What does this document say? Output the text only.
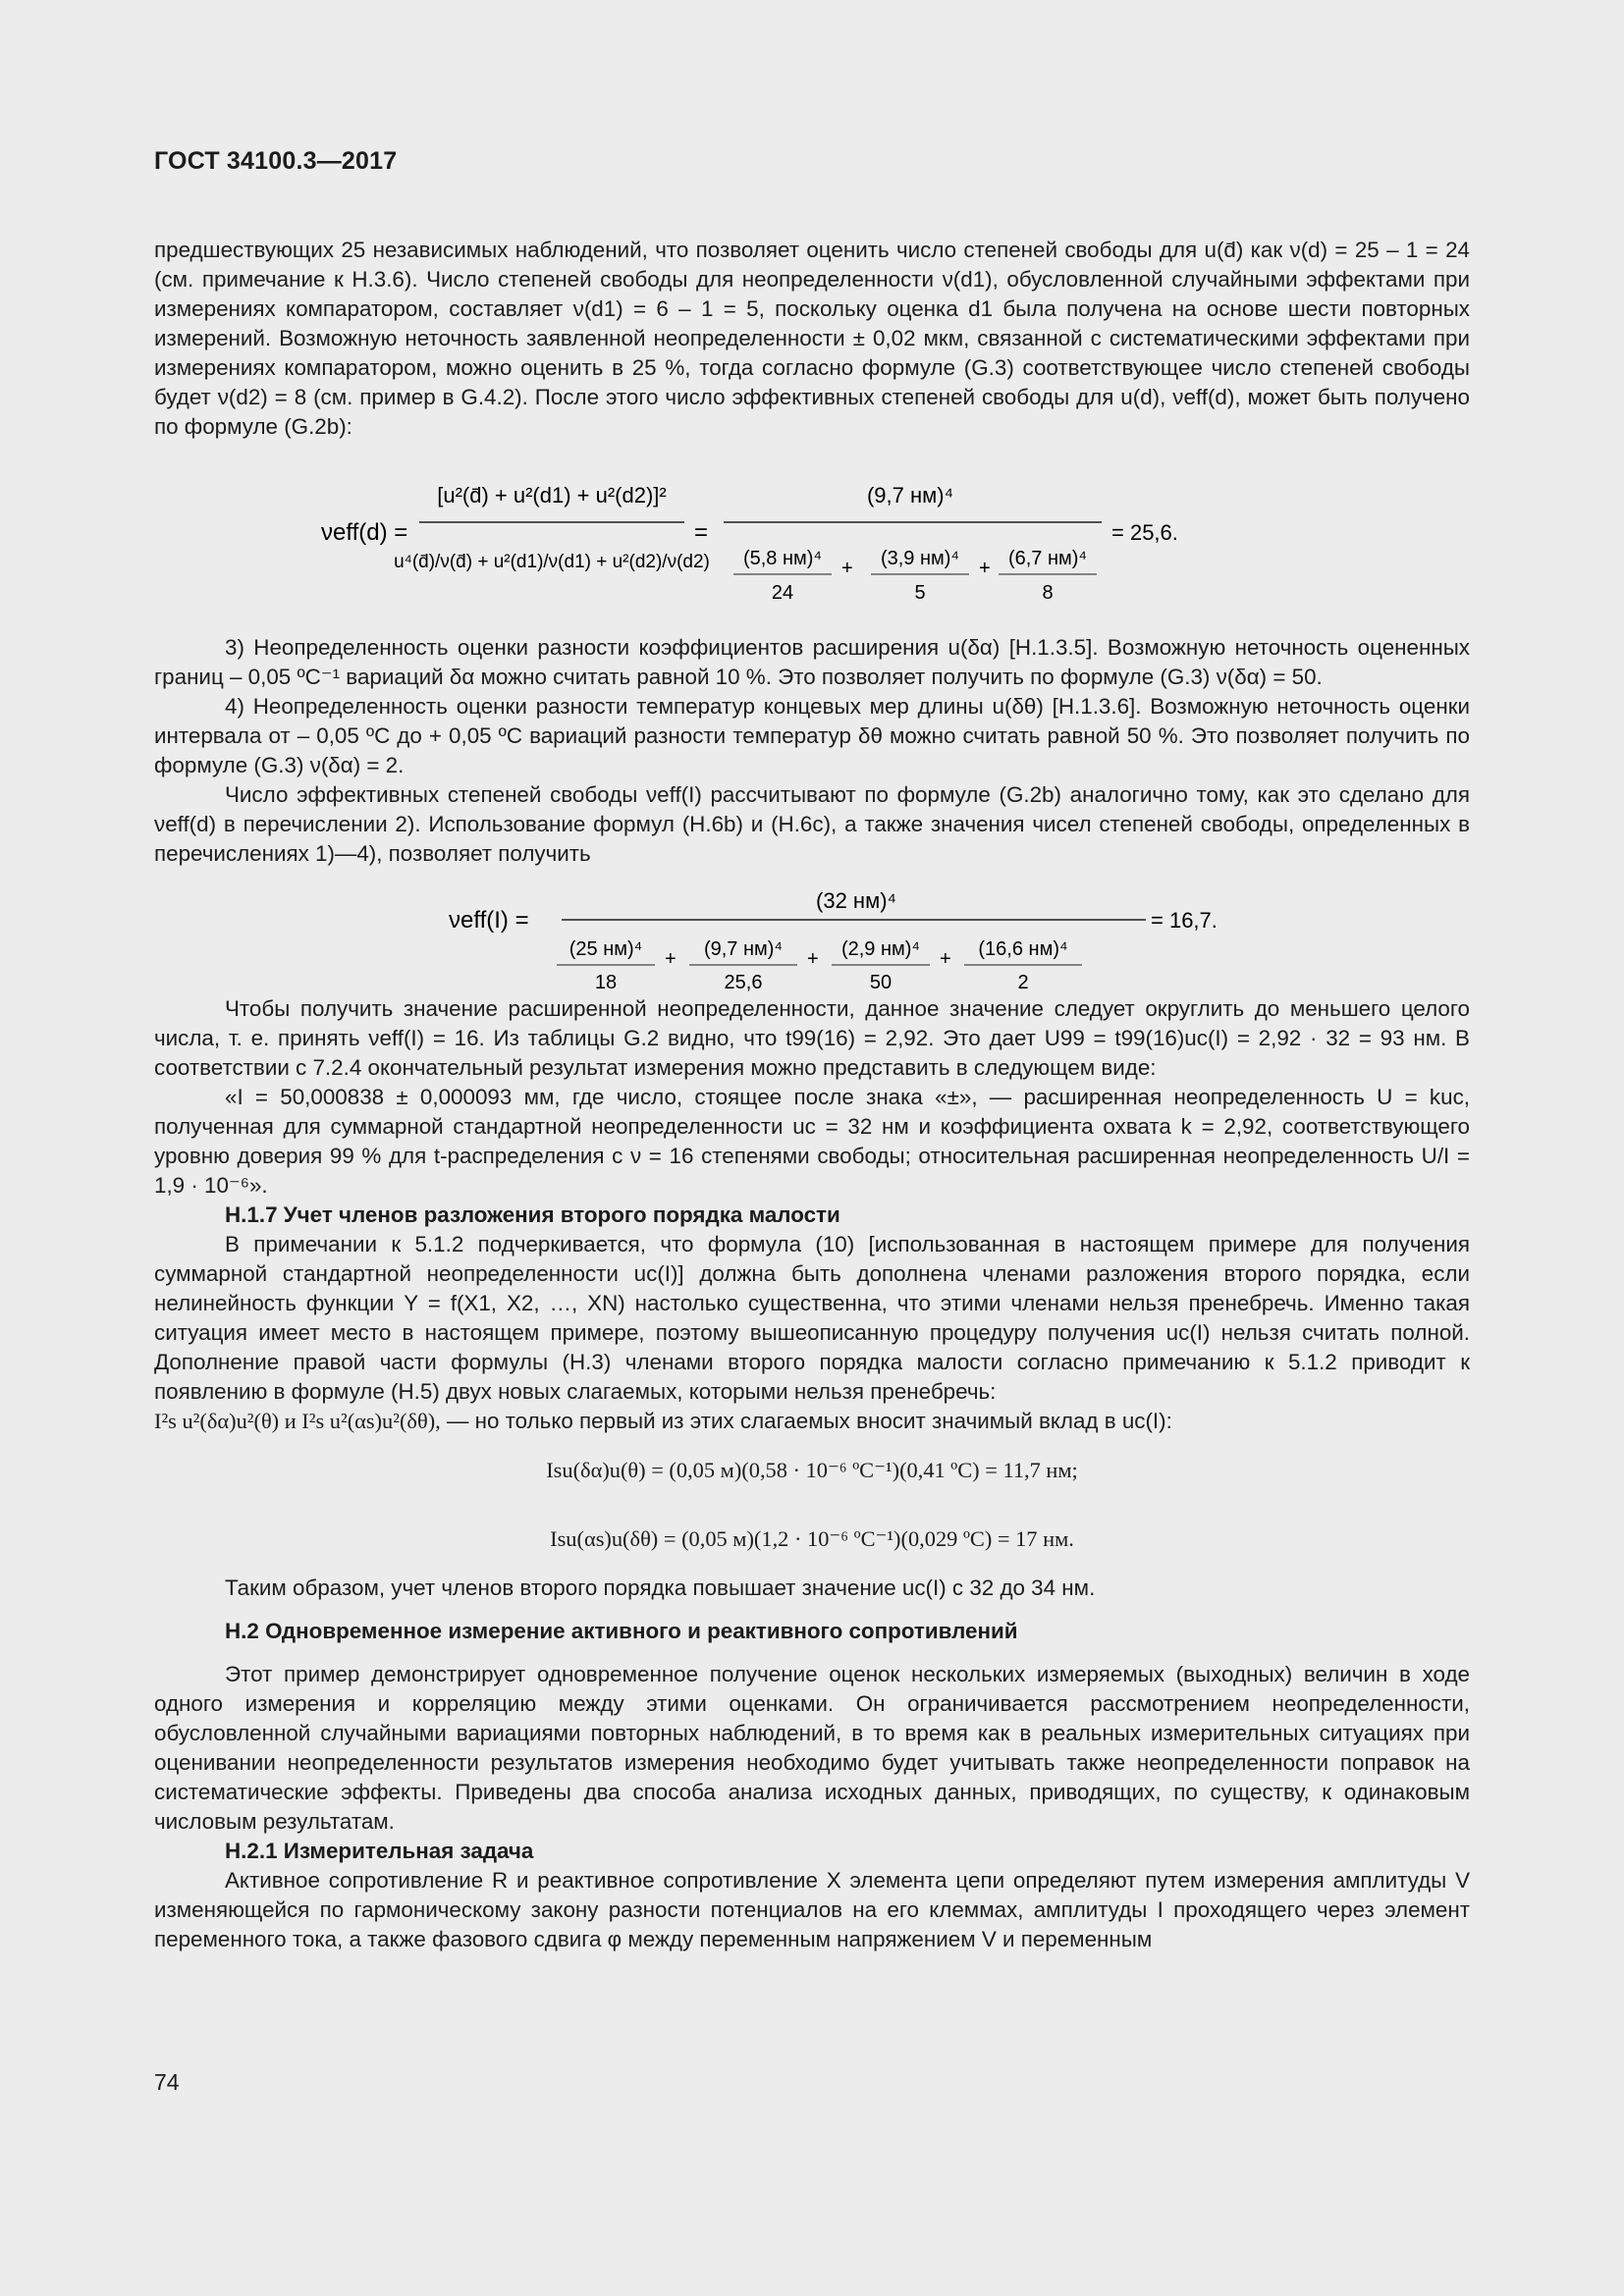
ГОСТ 34100.3—2017

предшествующих 25 независимых наблюдений, что позволяет оценить число степеней свободы для u(d̄) как ν(d) = 25 – 1 = 24 (см. примечание к H.3.6). Число степеней свободы для неопределенности ν(d1), обусловленной случайными эффектами при измерениях компаратором, составляет ν(d1) = 6 – 1 = 5, поскольку оценка d1 была получена на основе шести повторных измерений. Возможную неточность заявленной неопределенности ± 0,02 мкм, связанной с систематическими эффектами при измерениях компаратором, можно оценить в 25 %, тогда согласно формуле (G.3) соответствующее число степеней свободы будет ν(d2) = 8 (см. пример в G.4.2). После этого число эффективных степеней свободы для u(d), νeff(d), может быть получено по формуле (G.2b):

νeff(d) =
[u²(d̄) + u²(d1) + u²(d2)]²
u⁴(d̄)/ν(d̄) + u²(d1)/ν(d1) + u²(d2)/ν(d2)
=
(9,7 нм)⁴
(5,8 нм)⁴
24
+ (3,9 нм)⁴
5
+ (6,7 нм)⁴
8
= 25,6.

3) Неопределенность оценки разности коэффициентов расширения u(δα) [H.1.3.5]. Возможную неточность оцененных границ – 0,05 ºC⁻¹ вариаций δα можно считать равной 10 %. Это позволяет получить по формуле (G.3) ν(δα) = 50.

4) Неопределенность оценки разности температур концевых мер длины u(δθ) [H.1.3.6]. Возможную неточность оценки интервала от – 0,05 ºC до + 0,05 ºC вариаций разности температур δθ можно считать равной 50 %. Это позволяет получить по формуле (G.3) ν(δα) = 2.

Число эффективных степеней свободы νeff(I) рассчитывают по формуле (G.2b) аналогично тому, как это сделано для νeff(d) в перечислении 2). Использование формул (H.6b) и (H.6c), а также значения чисел степеней свободы, определенных в перечислениях 1)—4), позволяет получить

νeff(I) =
(32 нм)⁴
(25 нм)⁴
18
+ (9,7 нм)⁴
25,6
+ (2,9 нм)⁴
50
+ (16,6 нм)⁴
2
= 16,7.

Чтобы получить значение расширенной неопределенности, данное значение следует округлить до меньшего целого числа, т. е. принять νeff(I) = 16. Из таблицы G.2 видно, что t99(16) = 2,92. Это дает U99 = t99(16)uc(I) = 2,92 · 32 = 93 нм. В соответствии с 7.2.4 окончательный результат измерения можно представить в следующем виде:

«I = 50,000838 ± 0,000093 мм, где число, стоящее после знака «±», — расширенная неопределенность U = kuc, полученная для суммарной стандартной неопределенности uc = 32 нм и коэффициента охвата k = 2,92, соответствующего уровню доверия 99 % для t-распределения с ν = 16 степенями свободы; относительная расширенная неопределенность U/I = 1,9 · 10⁻⁶».

H.1.7 Учет членов разложения второго порядка малости

В примечании к 5.1.2 подчеркивается, что формула (10) [использованная в настоящем примере для получения суммарной стандартной неопределенности uc(I)] должна быть дополнена членами разложения второго порядка, если нелинейность функции Y = f(X1, X2, …, XN) настолько существенна, что этими членами нельзя пренебречь. Именно такая ситуация имеет место в настоящем примере, поэтому вышеописанную процедуру получения uc(I) нельзя считать полной. Дополнение правой части формулы (H.3) членами второго порядка малости согласно примечанию к 5.1.2 приводит к появлению в формуле (H.5) двух новых слагаемых, которыми нельзя пренебречь:

I²s u²(δα)u²(θ) и I²s u²(αs)u²(δθ), — но только первый из этих слагаемых вносит значимый вклад в uc(I):

Isu(δα)u(θ) = (0,05 м)(0,58 · 10⁻⁶ ºC⁻¹)(0,41 ºC) = 11,7 нм;
Isu(αs)u(δθ) = (0,05 м)(1,2 · 10⁻⁶ ºC⁻¹)(0,029 ºC) = 17 нм.

Таким образом, учет членов второго порядка повышает значение uc(I) с 32 до 34 нм.

H.2 Одновременное измерение активного и реактивного сопротивлений

Этот пример демонстрирует одновременное получение оценок нескольких измеряемых (выходных) величин в ходе одного измерения и корреляцию между этими оценками. Он ограничивается рассмотрением неопределенности, обусловленной случайными вариациями повторных наблюдений, в то время как в реальных измерительных ситуациях при оценивании неопределенности результатов измерения необходимо будет учитывать также неопределенности поправок на систематические эффекты. Приведены два способа анализа исходных данных, приводящих, по существу, к одинаковым числовым результатам.

H.2.1 Измерительная задача

Активное сопротивление R и реактивное сопротивление X элемента цепи определяют путем измерения амплитуды V изменяющейся по гармоническому закону разности потенциалов на его клеммах, амплитуды I проходящего через элемент переменного тока, а также фазового сдвига φ между переменным напряжением V и переменным

74
